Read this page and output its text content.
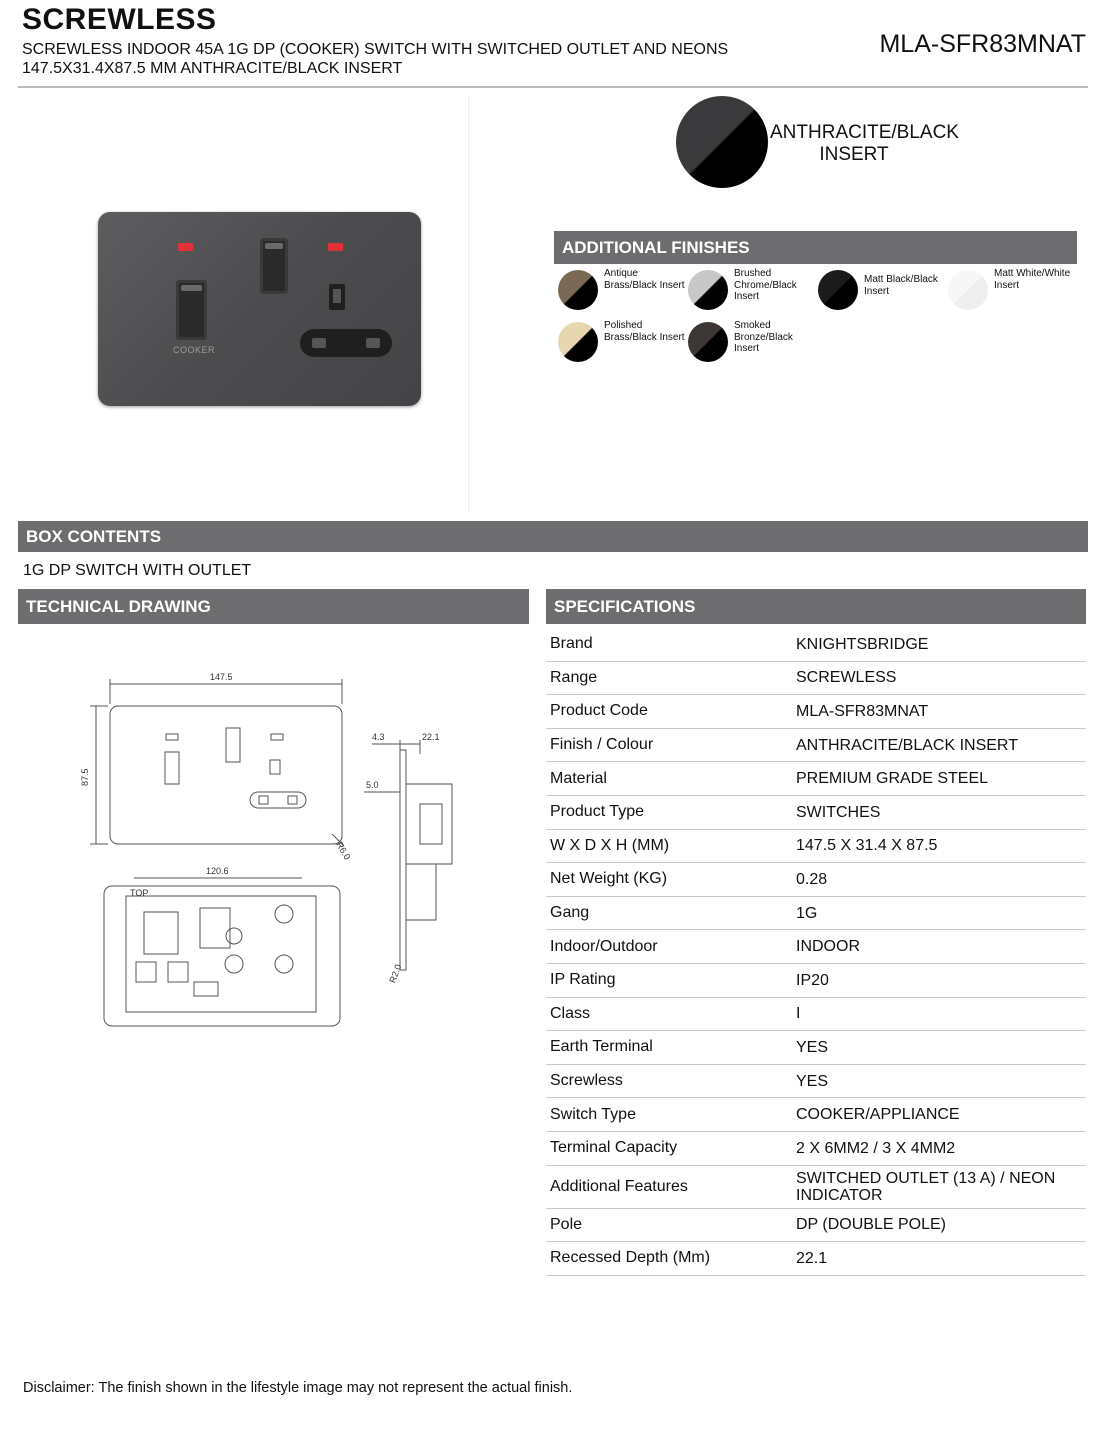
SCREWLESS
SCREWLESS INDOOR 45A 1G DP (COOKER) SWITCH WITH SWITCHED OUTLET AND NEONS 147.5X31.4X87.5 MM ANTHRACITE/BLACK INSERT
MLA-SFR83MNAT
COOKER
ANTHRACITE/BLACK INSERT
ADDITIONAL FINISHES
Antique Brass/Black Insert
Brushed Chrome/Black Insert
Matt Black/Black Insert
Matt White/White Insert
Polished Brass/Black Insert
Smoked Bronze/Black Insert
BOX CONTENTS
1G DP SWITCH WITH OUTLET
TECHNICAL DRAWING
147.5
87.5
R6.0
4.3	22.1
5.0
R2.0
120.6
TOP
SPECIFICATIONS
Brand	KNIGHTSBRIDGE
Range	SCREWLESS
Product Code	MLA-SFR83MNAT
Finish / Colour	ANTHRACITE/BLACK INSERT
Material	PREMIUM GRADE STEEL
Product Type	SWITCHES
W X D X H (MM)	147.5 X 31.4 X 87.5
Net Weight (KG)	0.28
Gang	1G
Indoor/Outdoor	INDOOR
IP Rating	IP20
Class	I
Earth Terminal	YES
Screwless	YES
Switch Type	COOKER/APPLIANCE
Terminal Capacity	2 X 6MM2 / 3 X 4MM2
Additional Features	SWITCHED OUTLET (13 A) / NEON INDICATOR
Pole	DP (DOUBLE POLE)
Recessed Depth (Mm)	22.1
Disclaimer: The finish shown in the lifestyle image may not represent the actual finish.
